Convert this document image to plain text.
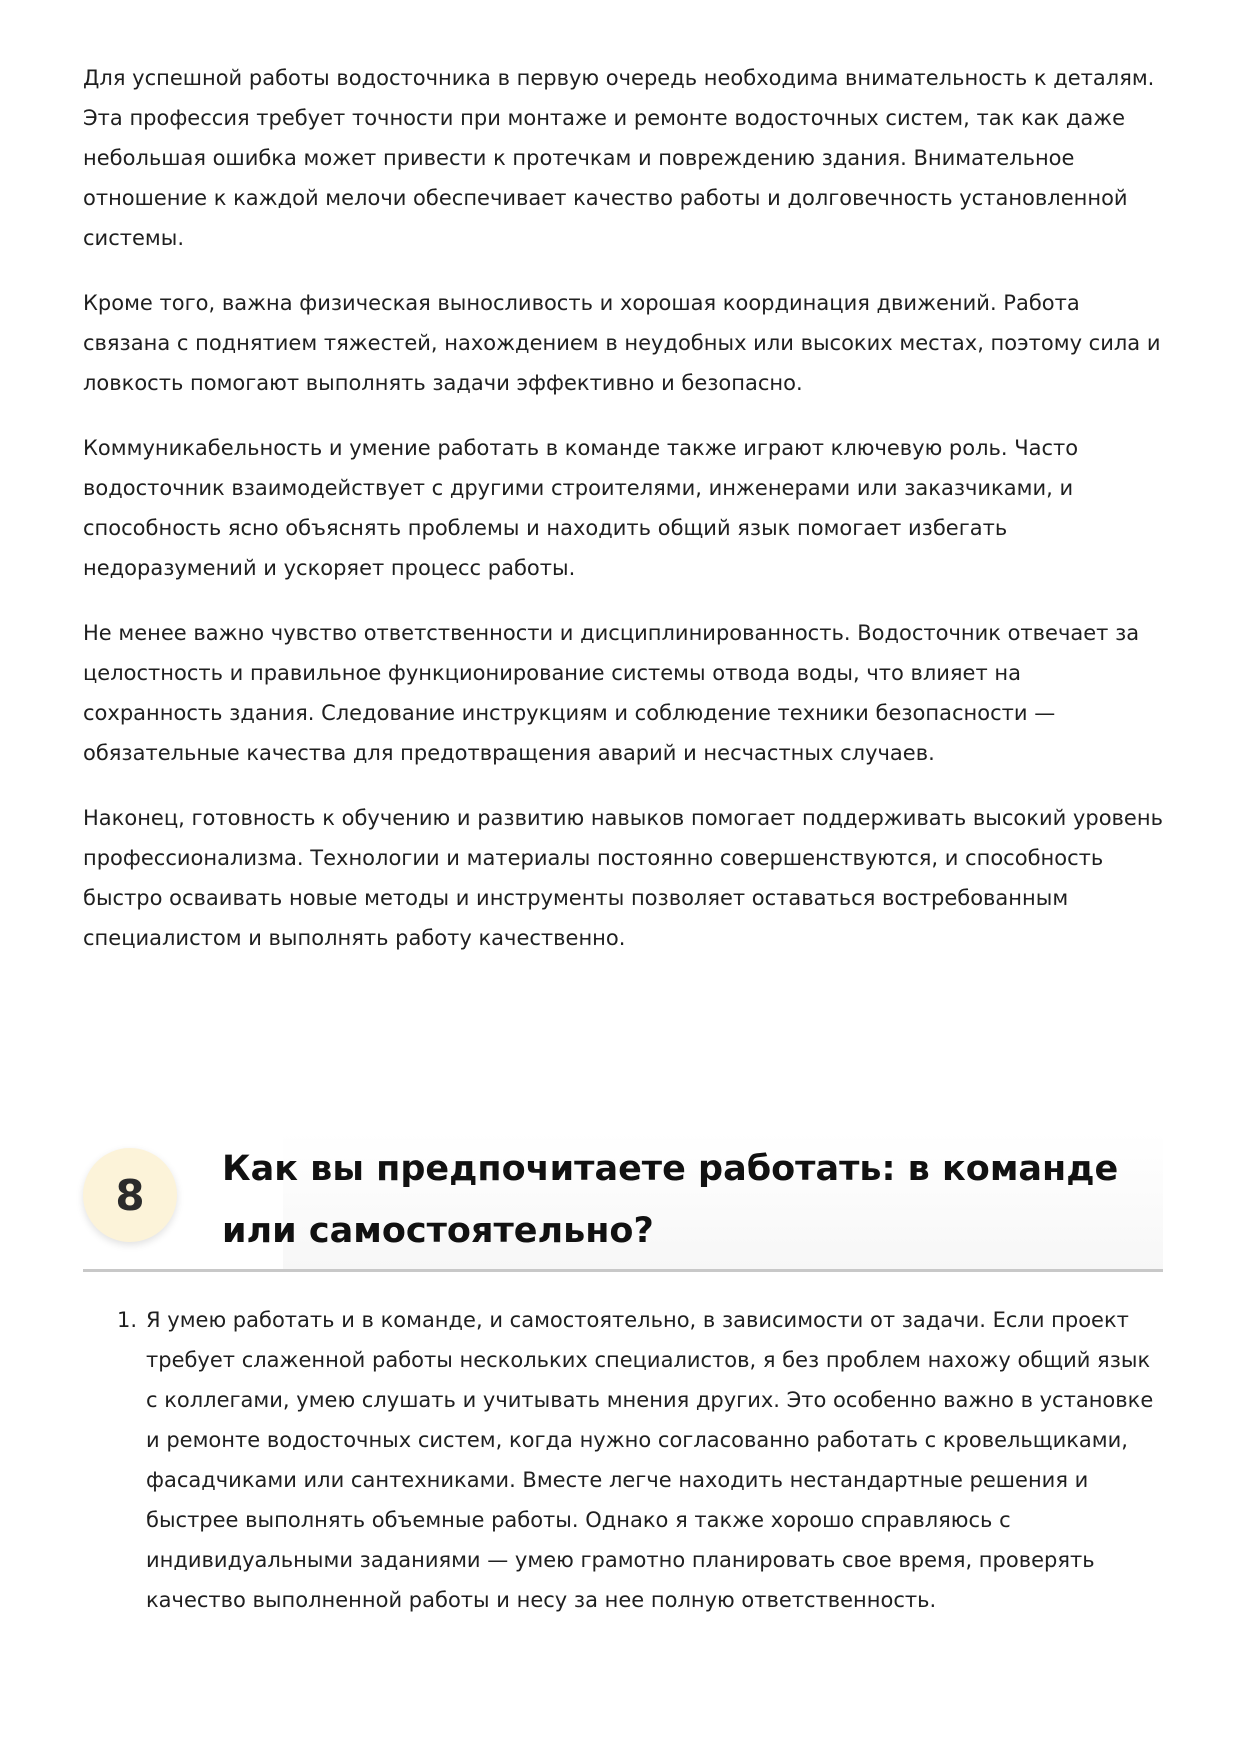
Для успешной работы водосточника в первую очередь необходима внимательность к деталям. Эта профессия требует точности при монтаже и ремонте водосточных систем, так как даже небольшая ошибка может привести к протечкам и повреждению здания. Внимательное отношение к каждой мелочи обеспечивает качество работы и долговечность установленной системы.

Кроме того, важна физическая выносливость и хорошая координация движений. Работа связана с поднятием тяжестей, нахождением в неудобных или высоких местах, поэтому сила и ловкость помогают выполнять задачи эффективно и безопасно.

Коммуникабельность и умение работать в команде также играют ключевую роль. Часто водосточник взаимодействует с другими строителями, инженерами или заказчиками, и способность ясно объяснять проблемы и находить общий язык помогает избегать недоразумений и ускоряет процесс работы.

Не менее важно чувство ответственности и дисциплинированность. Водосточник отвечает за целостность и правильное функционирование системы отвода воды, что влияет на сохранность здания. Следование инструкциям и соблюдение техники безопасности — обязательные качества для предотвращения аварий и несчастных случаев.

Наконец, готовность к обучению и развитию навыков помогает поддерживать высокий уровень профессионализма. Технологии и материалы постоянно совершенствуются, и способность быстро осваивать новые методы и инструменты позволяет оставаться востребованным специалистом и выполнять работу качественно.

8
Как вы предпочитаете работать: в команде или самостоятельно?
1. Я умею работать и в команде, и самостоятельно, в зависимости от задачи. Если проект требует слаженной работы нескольких специалистов, я без проблем нахожу общий язык с коллегами, умею слушать и учитывать мнения других. Это особенно важно в установке и ремонте водосточных систем, когда нужно согласованно работать с кровельщиками, фасадчиками или сантехниками. Вместе легче находить нестандартные решения и быстрее выполнять объемные работы. Однако я также хорошо справляюсь с индивидуальными заданиями — умею грамотно планировать свое время, проверять качество выполненной работы и несу за нее полную ответственность.
